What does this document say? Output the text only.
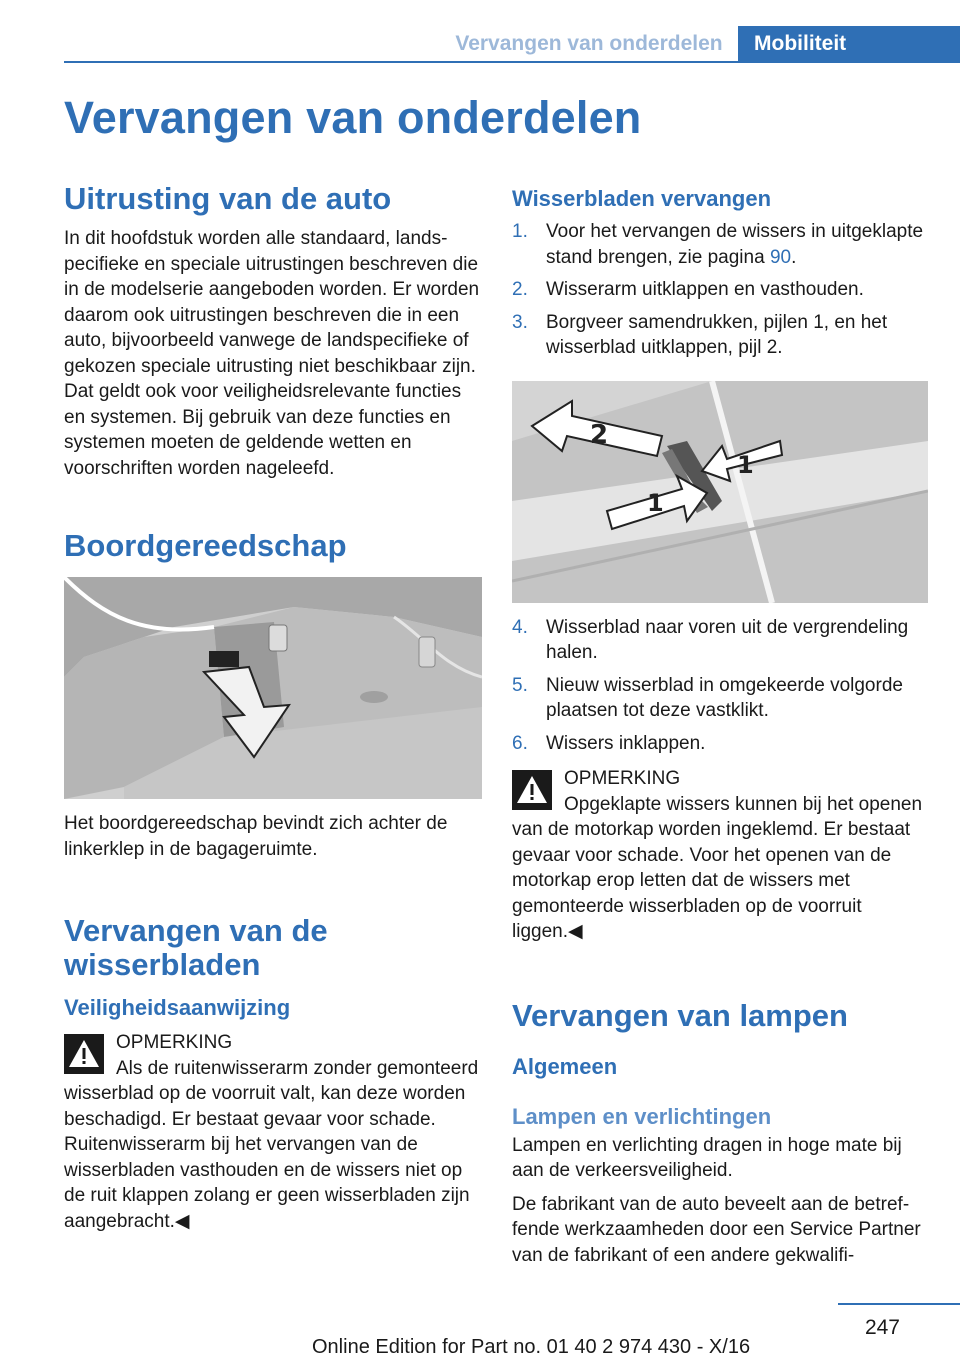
Vervangen van onderdelen	Mobiliteit
Vervangen van onderdelen
Uitrusting van de auto

In dit hoofdstuk worden alle standaard, landspecifieke en speciale uitrustingen beschreven die in de modelserie aangeboden worden. Er worden daarom ook uitrustingen beschreven die in een auto, bijvoorbeeld vanwege de landspecifieke of gekozen speciale uitrusting niet beschikbaar zijn. Dat geldt ook voor veiligheidsrelevante functies en systemen. Bij gebruik van deze functies en systemen moeten de geldende wetten en voorschriften worden nageleefd.

Boordgereedschap

Het boordgereedschap bevindt zich achter de linkerklep in de bagageruimte.

Vervangen van de wisserbladen
Veiligheidsaanwijzing
OPMERKING

Als de ruitenwisserarm zonder gemonteerd wisserblad op de voorruit valt, kan deze worden beschadigd. Er bestaat gevaar voor schade. Ruitenwisserarm bij het vervangen van de wisserbladen vasthouden en de wissers niet op de ruit klappen zolang er geen wisserbladen zijn aangebracht.◀

Wisserbladen vervangen
1. Voor het vervangen de wissers in uitgeklapte stand brengen, zie pagina 90.
2. Wisserarm uitklappen en vasthouden.
3. Borgveer samendrukken, pijlen 1, en het wisserblad uitklappen, pijl 2.
2
1
1
4. Wisserblad naar voren uit de vergrendeling halen.
5. Nieuw wisserblad in omgekeerde volgorde plaatsen tot deze vastklikt.
6. Wissers inklappen.
OPMERKING

Opgeklapte wissers kunnen bij het openen van de motorkap worden ingeklemd. Er bestaat gevaar voor schade. Voor het openen van de motorkap erop letten dat de wissers met gemonteerde wisserbladen op de voorruit liggen.◀

Vervangen van lampen
Algemeen
Lampen en verlichtingen

Lampen en verlichting dragen in hoge mate bij aan de verkeersveiligheid.

De fabrikant van de auto beveelt aan de betreffende werkzaamheden door een Service Partner van de fabrikant of een andere gekwalifi-

247
Online Edition for Part no. 01 40 2 974 430 - X/16
